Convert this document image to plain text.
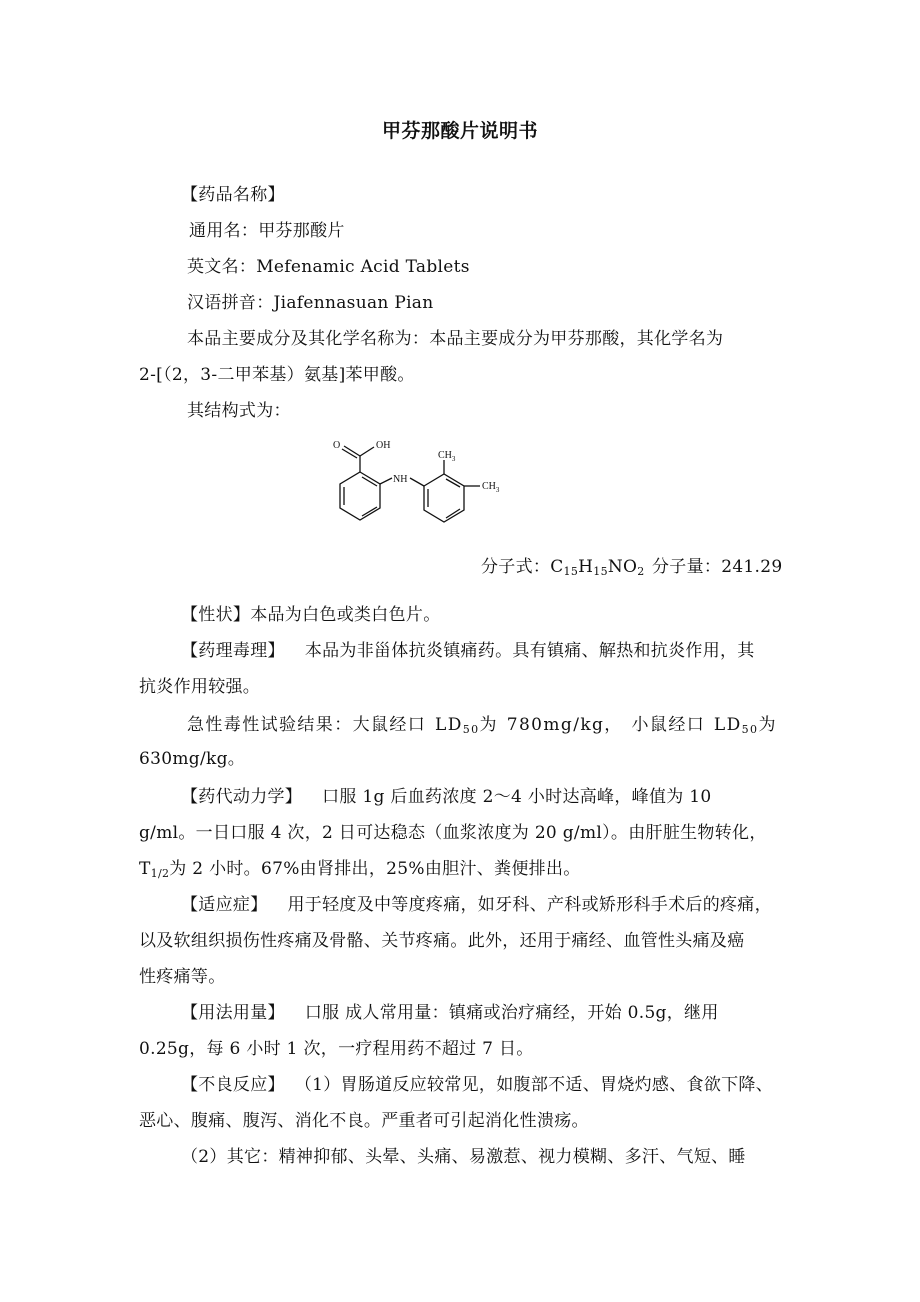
甲芬那酸片说明书
【药品名称】
通用名：甲芬那酸片
英文名：Mefenamic Acid Tablets
汉语拼音：Jiafennasuan Pian
本品主要成分及其化学名称为：本品主要成分为甲芬那酸，其化学名为
2-[（2，3-二甲苯基）氨基]苯甲酸。
其结构式为：
O	OH
NH
$CH_3$
$CH_3$
分子式：$C_{15}H_{15}NO_2$ 分子量：241.29
【性状】本品为白色或类白色片。
【药理毒理】 本品为非甾体抗炎镇痛药。具有镇痛、解热和抗炎作用，其
抗炎作用较强。
急性毒性试验结果：大鼠经口 $LD_{50}$为 780mg/kg， 小鼠经口 $LD_{50}$为
630mg/kg。
【药代动力学】 口服 1g 后血药浓度 2～4 小时达高峰，峰值为 10
g/ml。一日口服 4 次，2 日可达稳态（血浆浓度为 20 g/ml）。由肝脏生物转化，
$T_{1/2}$为 2 小时。67%由肾排出，25%由胆汁、粪便排出。
【适应症】 用于轻度及中等度疼痛，如牙科、产科或矫形科手术后的疼痛，
以及软组织损伤性疼痛及骨骼、关节疼痛。此外，还用于痛经、血管性头痛及癌
性疼痛等。
【用法用量】 口服 成人常用量：镇痛或治疗痛经，开始 0.5g，继用
0.25g，每 6 小时 1 次，一疗程用药不超过 7 日。
【不良反应】 （1）胃肠道反应较常见，如腹部不适、胃烧灼感、食欲下降、
恶心、腹痛、腹泻、消化不良。严重者可引起消化性溃疡。
（2）其它：精神抑郁、头晕、头痛、易激惹、视力模糊、多汗、气短、睡
